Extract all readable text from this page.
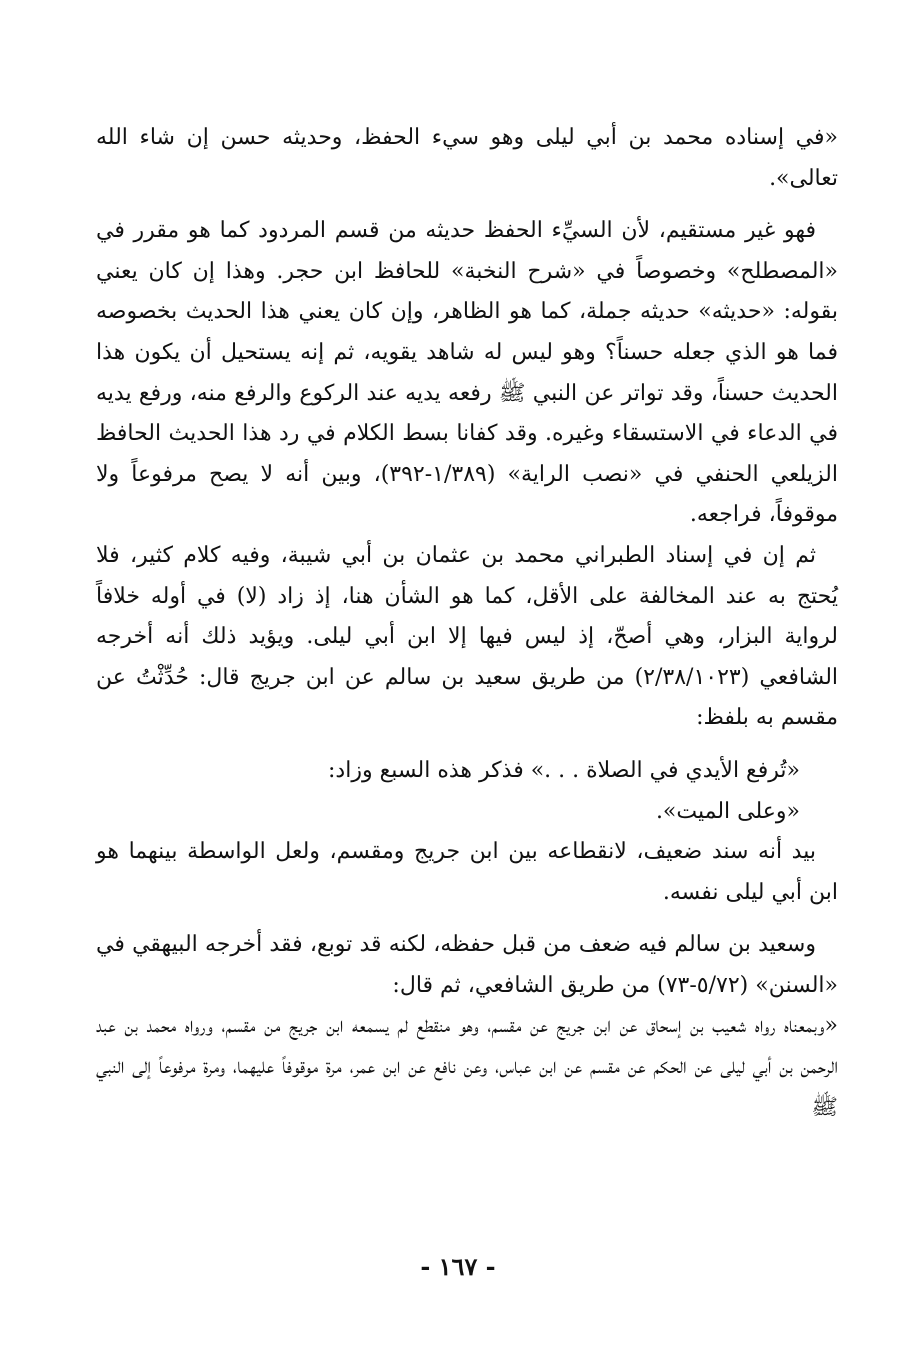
«في إسناده محمد بن أبي ليلى وهو سيء الحفظ، وحديثه حسن إن شاء الله تعالى».

فهو غير مستقيم، لأن السيِّء الحفظ حديثه من قسم المردود كما هو مقرر في «المصطلح» وخصوصاً في «شرح النخبة» للحافظ ابن حجر. وهذا إن كان يعني بقوله: «حديثه» حديثه جملة، كما هو الظاهر، وإن كان يعني هذا الحديث بخصوصه فما هو الذي جعله حسناً؟ وهو ليس له شاهد يقويه، ثم إنه يستحيل أن يكون هذا الحديث حسناً، وقد تواتر عن النبي ﷺ رفعه يديه عند الركوع والرفع منه، ورفع يديه في الدعاء في الاستسقاء وغيره. وقد كفانا بسط الكلام في رد هذا الحديث الحافظ الزيلعي الحنفي في «نصب الراية» (١/٣٨٩-٣٩٢)، وبين أنه لا يصح مرفوعاً ولا موقوفاً، فراجعه.

ثم إن في إسناد الطبراني محمد بن عثمان بن أبي شيبة، وفيه كلام كثير، فلا يُحتج به عند المخالفة على الأقل، كما هو الشأن هنا، إذ زاد (لا) في أوله خلافاً لرواية البزار، وهي أصحّ، إذ ليس فيها إلا ابن أبي ليلى. ويؤيد ذلك أنه أخرجه الشافعي (٢/٣٨/١٠٢٣) من طريق سعيد بن سالم عن ابن جريج قال: حُدِّثْتُ عن مقسم به بلفظ:

«تُرفع الأيدي في الصلاة . . .» فذكر هذه السبع وزاد:

«وعلى الميت».

بيد أنه سند ضعيف، لانقطاعه بين ابن جريج ومقسم، ولعل الواسطة بينهما هو ابن أبي ليلى نفسه.

وسعيد بن سالم فيه ضعف من قبل حفظه، لكنه قد توبع، فقد أخرجه البيهقي في «السنن» (٥/٧٢-٧٣) من طريق الشافعي، ثم قال:

«وبمعناه رواه شعيب بن إسحاق عن ابن جريج عن مقسم، وهو منقطع لم يسمعه ابن جريج من مقسم، ورواه محمد بن عبد الرحمن بن أبي ليلى عن الحكم عن مقسم عن ابن عباس، وعن نافع عن ابن عمر، مرة موقوفاً عليهما، ومرة مرفوعاً إلى النبي ﷺ

- ١٦٧ -
